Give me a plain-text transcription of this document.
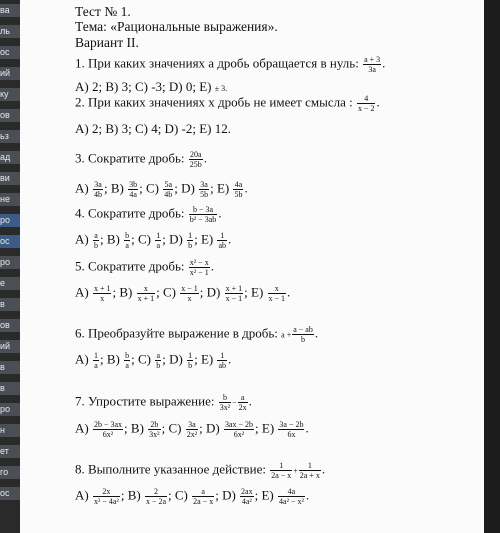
ва
ль
ос
ий
ку
ов
ьз
ад
ви
не
ро
ос
ро
е
в
ов
ий
в
в
ро
н
ет
го
ос
Тест № 1.
Тема: «Рациональные выражения».
Вариант II.
1. При каких значениях a дробь обращается в нуль: $\frac{a + 3}{3a}$ .
А) 2; В) 3; С) -3; D) 0; Е) ± 3.
2. При каких значениях x дробь не имеет смысла : $\frac{4}{x - 2}$ .
А) 2; В) 3; С) 4; D) -2; Е) 12.
3. Сократите дробь: $\frac{20a}{25b}$ .
$А) \frac{3a}{4b}$ ; $В) \frac{3b}{4a}$ ; $С) \frac{5a}{4b}$ ; $D) \frac{3a}{5b}$ ; $Е) \frac{4a}{5b}$ .
4. Сократите дробь: $\frac{b - 3a}{\text{b² − 3ab}}$ .
$А) \frac{a}{b}$ ; $В) \frac{b}{a}$ ; $С) \frac{1}{a}$ ; $D) \frac{1}{b}$ ; $Е) \frac{1}{ab}$ .
5. Сократите дробь: $\frac{\text{x² − x}}{\text{x² − 1}}$ .
$А) \frac{x + 1}{x}$ ; $В) \frac{x}{x + 1}$ ; $С) \frac{x - 1}{x}$ ; $D) \frac{x + 1}{x - 1}$ ; $Е) \frac{x}{x - 1}$ .
6. Преобразуйте выражение в дробь: $a + \frac{a - ab}{b}$ .
$А) \frac{1}{a}$ ; $В) \frac{b}{a}$ ; $С) \frac{a}{b}$ ; $D) \frac{1}{b}$ ; $Е) \frac{1}{ab}$ .
7. Упростите выражение: $\frac{b}{\text{3x²}} - \frac{a}{2x}$ .
$А) \frac{2b - 3ax}{\text{6x²}}$ ; $В) \frac{2b}{\text{3x²}}$ ; $С) \frac{3a}{\text{2x²}}$ ; $D) \frac{3ax - 2b}{\text{6x²}}$ ; $Е) \frac{3a - 2b}{6x}$ .
8. Выполните указанное действие: $\frac{1}{2a - x} + \frac{1}{2a + x}$ .
$А) \frac{2x}{\text{x² − 4a²}}$ ; $В) \frac{2}{x - 2a}$ ; $С) \frac{a}{2a - x}$ ; $D) \frac{2ax}{\text{4a²}}$ ; $Е) \frac{4a}{\text{4a² − x²}}$ .
